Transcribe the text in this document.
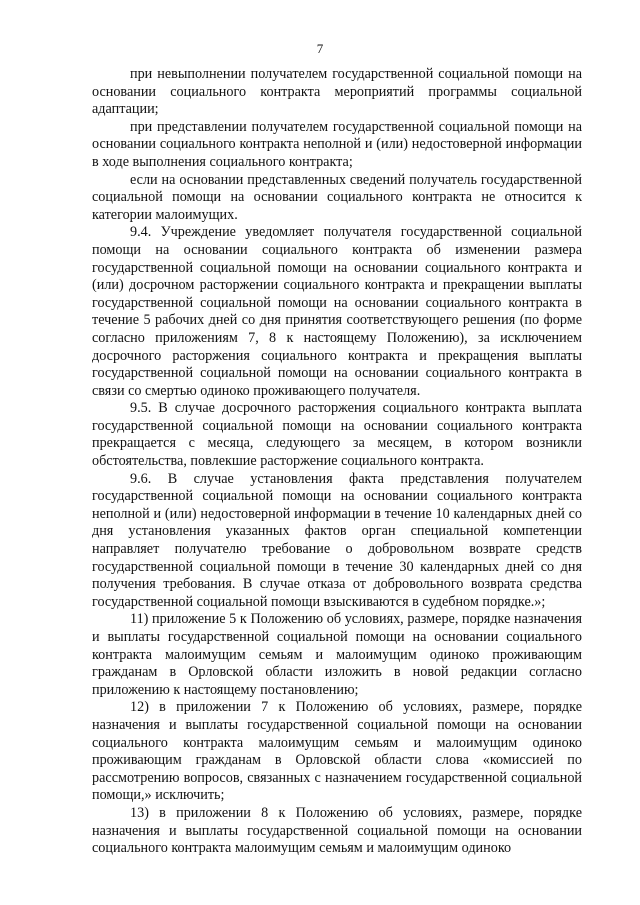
7

при невыполнении получателем государственной социальной помощи на основании социального контракта мероприятий программы социальной адаптации;

при представлении получателем государственной социальной помощи на основании социального контракта неполной и (или) недостоверной информации в ходе выполнения социального контракта;

если на основании представленных сведений получатель государственной социальной помощи на основании социального контракта не относится к категории малоимущих.

9.4. Учреждение уведомляет получателя государственной социальной помощи на основании социального контракта об изменении размера государственной социальной помощи на основании социального контракта и (или) досрочном расторжении социального контракта и прекращении выплаты государственной социальной помощи на основании социального контракта в течение 5 рабочих дней со дня принятия соответствующего решения (по форме согласно приложениям 7, 8 к настоящему Положению), за исключением досрочного расторжения социального контракта и прекращения выплаты государственной социальной помощи на основании социального контракта в связи со смертью одиноко проживающего получателя.

9.5. В случае досрочного расторжения социального контракта выплата государственной социальной помощи на основании социального контракта прекращается с месяца, следующего за месяцем, в котором возникли обстоятельства, повлекшие расторжение социального контракта.

9.6. В случае установления факта представления получателем государственной социальной помощи на основании социального контракта неполной и (или) недостоверной информации в течение 10 календарных дней со дня установления указанных фактов орган специальной компетенции направляет получателю требование о добровольном возврате средств государственной социальной помощи в течение 30 календарных дней со дня получения требования. В случае отказа от добровольного возврата средства государственной социальной помощи взыскиваются в судебном порядке.»;

11) приложение 5 к Положению об условиях, размере, порядке назначения и выплаты государственной социальной помощи на основании социального контракта малоимущим семьям и малоимущим одиноко проживающим гражданам в Орловской области изложить в новой редакции согласно приложению к настоящему постановлению;

12) в приложении 7 к Положению об условиях, размере, порядке назначения и выплаты государственной социальной помощи на основании социального контракта малоимущим семьям и малоимущим одиноко проживающим гражданам в Орловской области слова «комиссией по рассмотрению вопросов, связанных с назначением государственной социальной помощи,» исключить;

13) в приложении 8 к Положению об условиях, размере, порядке назначения и выплаты государственной социальной помощи на основании социального контракта малоимущим семьям и малоимущим одиноко
